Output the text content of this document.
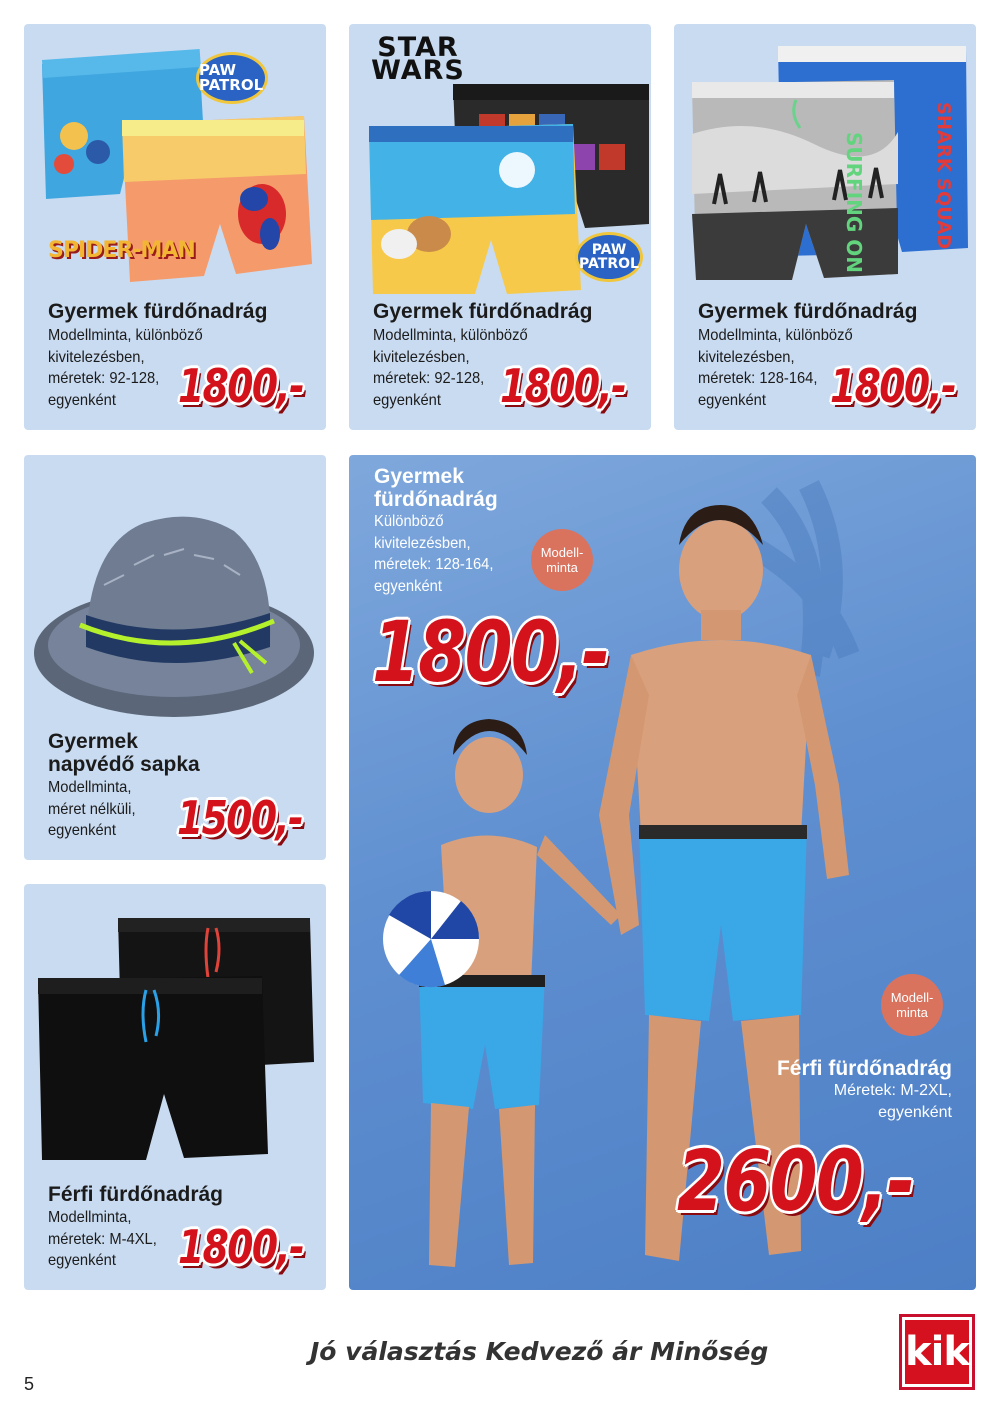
PAW PATROL
SPIDER-MAN
Gyermek fürdőnadrág
Modellminta, különböző
kivitelezésben,
méretek: 92-128,
egyenként	1800,-
STAR WARS
PAW PATROL
Gyermek fürdőnadrág
Modellminta, különböző
kivitelezésben,
méretek: 92-128,
egyenként	1800,-
SURFING ON	SHARK SQUAD
Gyermek fürdőnadrág
Modellminta, különböző
kivitelezésben,
méretek: 128-164,
egyenként	1800,-
Gyermek
napvédő sapka
Modellminta,
méret nélküli,
egyenként	1500,-
Férfi fürdőnadrág
Modellminta,
méretek: M-4XL,
egyenként	1800,-
Gyermek
fürdőnadrág
Különböző
kivitelezésben,
méretek: 128-164,
egyenként
Modell-
minta
1800,-
Modell-
minta
Férfi fürdőnadrág
Méretek: M-2XL,
egyenként
2600,-
Jó választás Kedvező ár Minőség
5
kik
